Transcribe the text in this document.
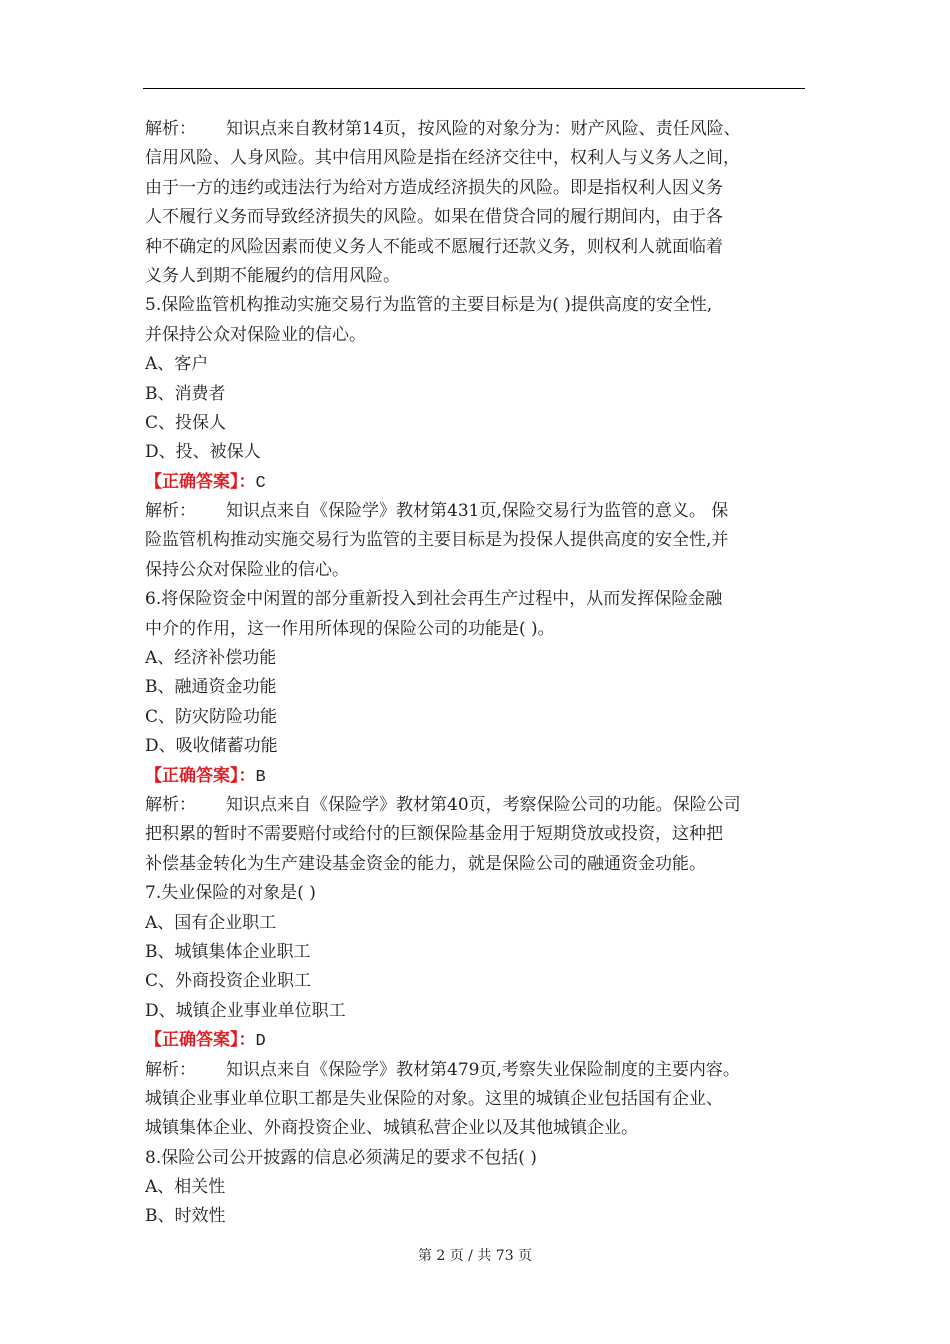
解析： 知识点来自教材第14页，按风险的对象分为：财产风险、责任风险、
信用风险、人身风险。其中信用风险是指在经济交往中，权利人与义务人之间，
由于一方的违约或违法行为给对方造成经济损失的风险。即是指权利人因义务
人不履行义务而导致经济损失的风险。如果在借贷合同的履行期间内，由于各
种不确定的风险因素而使义务人不能或不愿履行还款义务，则权利人就面临着
义务人到期不能履约的信用风险。
5.保险监管机构推动实施交易行为监管的主要目标是为( )提供高度的安全性,
并保持公众对保险业的信心。
A、客户
B、消费者
C、投保人
D、投、被保人
【正确答案】：C
解析： 知识点来自《保险学》教材第431页,保险交易行为监管的意义。 保
险监管机构推动实施交易行为监管的主要目标是为投保人提供高度的安全性,并
保持公众对保险业的信心。
6.将保险资金中闲置的部分重新投入到社会再生产过程中，从而发挥保险金融
中介的作用，这一作用所体现的保险公司的功能是( )。
A、经济补偿功能
B、融通资金功能
C、防灾防险功能
D、吸收储蓄功能
【正确答案】：B
解析： 知识点来自《保险学》教材第40页，考察保险公司的功能。保险公司
把积累的暂时不需要赔付或给付的巨额保险基金用于短期贷放或投资，这种把
补偿基金转化为生产建设基金资金的能力，就是保险公司的融通资金功能。
7.失业保险的对象是( )
A、国有企业职工
B、城镇集体企业职工
C、外商投资企业职工
D、城镇企业事业单位职工
【正确答案】：D
解析： 知识点来自《保险学》教材第479页,考察失业保险制度的主要内容。
城镇企业事业单位职工都是失业保险的对象。这里的城镇企业包括国有企业、
城镇集体企业、外商投资企业、城镇私营企业以及其他城镇企业。
8.保险公司公开披露的信息必须满足的要求不包括( )
A、相关性
B、时效性
第 2 页 / 共 73 页
